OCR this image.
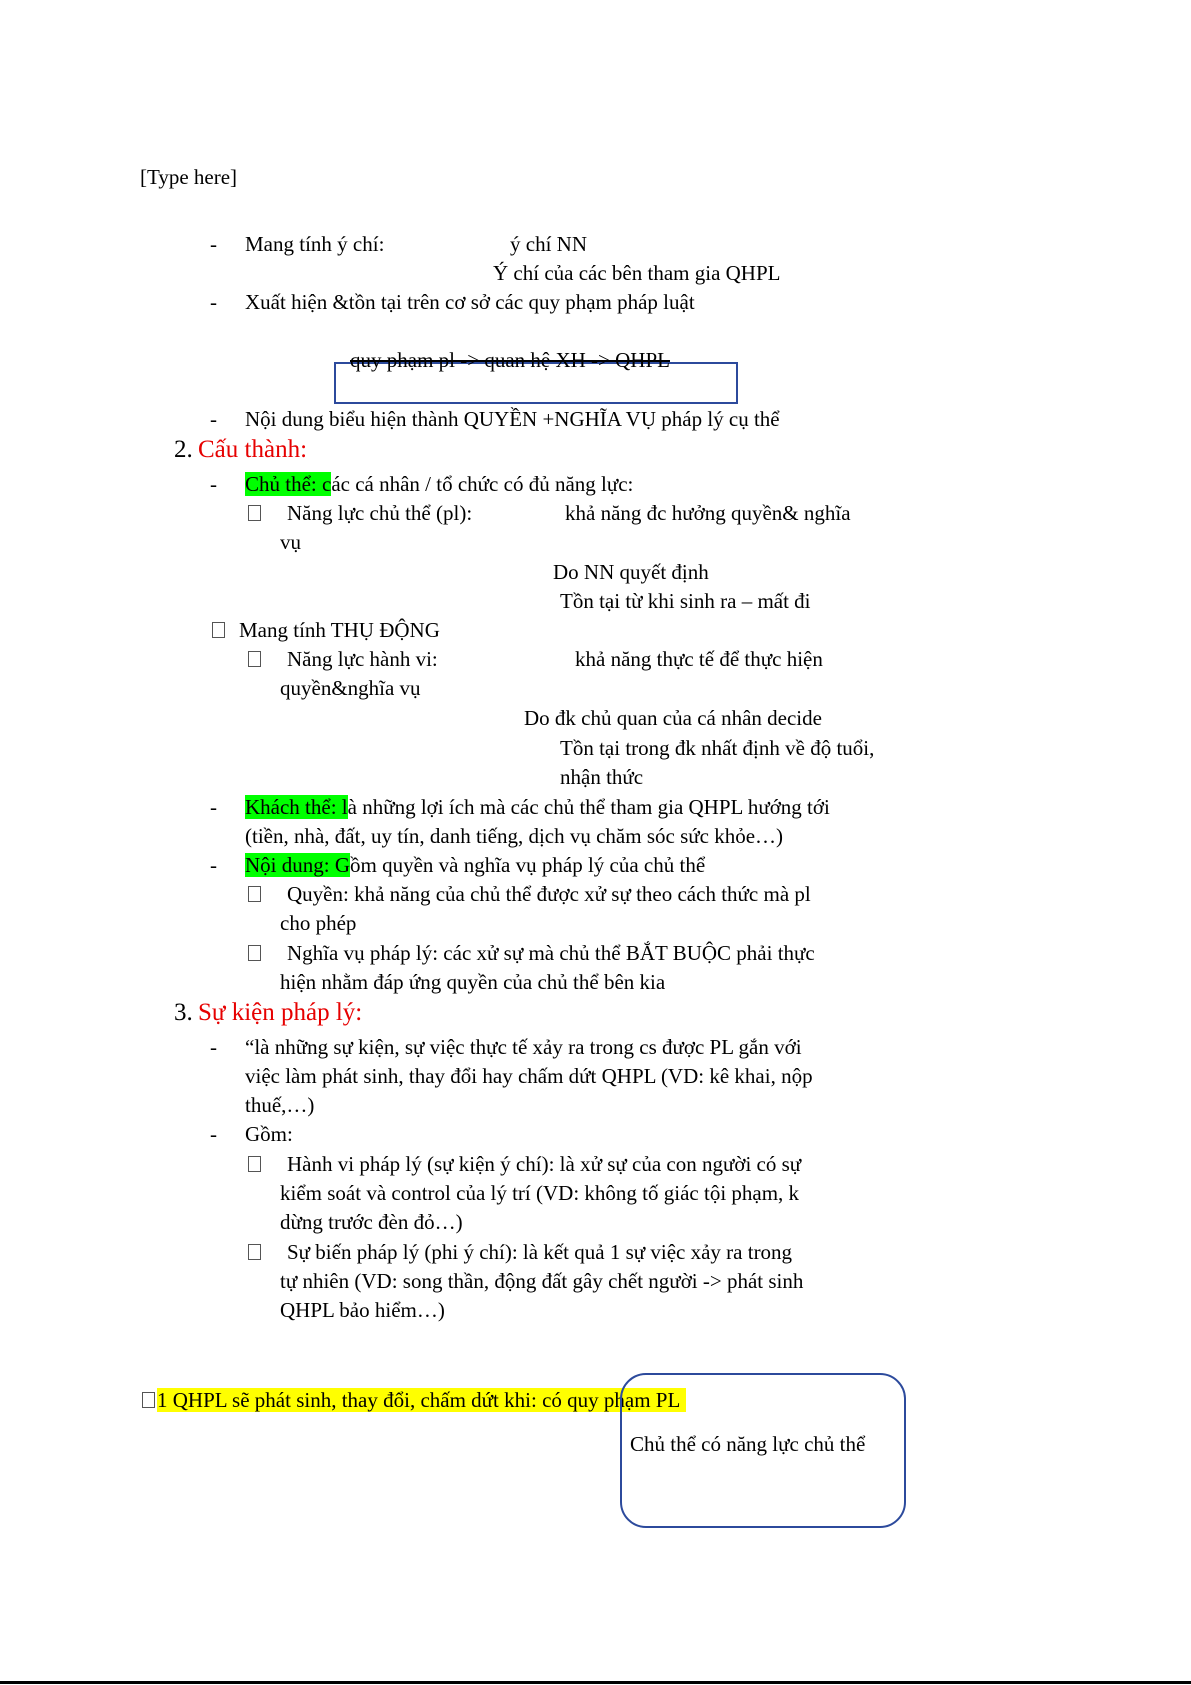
[Type here]
- Mang tính ý chí:	ý chí NN
Ý chí của các bên tham gia QHPL
- Xuất hiện &tồn tại trên cơ sở các quy phạm pháp luật
quy phạm pl -> quan hệ XH -> QHPL
- Nội dung biểu hiện thành QUYỀN +NGHĨA VỤ pháp lý cụ thể
2. Cấu thành:
- Chủ thể: các cá nhân / tổ chức có đủ năng lực:
Năng lực chủ thể (pl):	khả năng đc hưởng quyền& nghĩa
vụ
Do NN quyết định
Tồn tại từ khi sinh ra – mất đi
Mang tính THỤ ĐỘNG
Năng lực hành vi:	khả năng thực tế để thực hiện
quyền&nghĩa vụ
Do đk chủ quan của cá nhân decide
Tồn tại trong đk nhất định về độ tuổi,
nhận thức
- Khách thể: là những lợi ích mà các chủ thể tham gia QHPL hướng tới
(tiền, nhà, đất, uy tín, danh tiếng, dịch vụ chăm sóc sức khỏe…)
- Nội dung: Gồm quyền và nghĩa vụ pháp lý của chủ thể
Quyền: khả năng của chủ thể được xử sự theo cách thức mà pl
cho phép
Nghĩa vụ pháp lý: các xử sự mà chủ thể BẮT BUỘC phải thực
hiện nhằm đáp ứng quyền của chủ thể bên kia
3. Sự kiện pháp lý:
- “là những sự kiện, sự việc thực tế xảy ra trong cs được PL gắn với
việc làm phát sinh, thay đổi hay chấm dứt QHPL (VD: kê khai, nộp
thuế,…)
- Gồm:
Hành vi pháp lý (sự kiện ý chí): là xử sự của con người có sự
kiểm soát và control của lý trí (VD: không tố giác tội phạm, k
dừng trước đèn đỏ…)
Sự biến pháp lý (phi ý chí): là kết quả 1 sự việc xảy ra trong
tự nhiên (VD: song thần, động đất gây chết người -> phát sinh
QHPL bảo hiểm…)
1 QHPL sẽ phát sinh, thay đổi, chấm dứt khi: có quy phạm PL
Chủ thể có năng lực chủ thể
